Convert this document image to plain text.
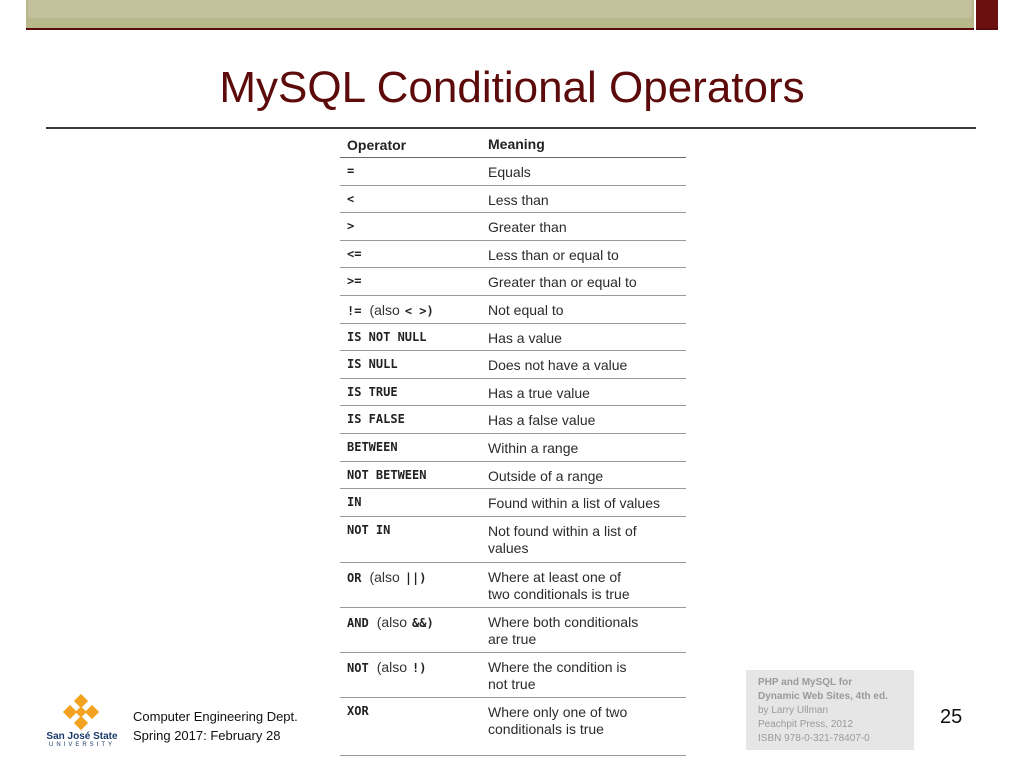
MySQL Conditional Operators
Operator	Meaning
=	Equals
<	Less than
>	Greater than
<=	Less than or equal to
>=	Greater than or equal to
!= (also < >)	Not equal to
IS NOT NULL	Has a value
IS NULL	Does not have a value
IS TRUE	Has a true value
IS FALSE	Has a false value
BETWEEN	Within a range
NOT BETWEEN	Outside of a range
IN	Found within a list of values
NOT IN	Not found within a list of values
OR (also ||)	Where at least one of two conditionals is true
AND (also &&)	Where both conditionals are true
NOT (also !)	Where the condition is not true
XOR	Where only one of two conditionals is true
San José State
UNIVERSITY
Computer Engineering Dept.
Spring 2017: February 28
PHP and MySQL for
Dynamic Web Sites, 4th ed.
by Larry Ullman
Peachpit Press, 2012
ISBN 978-0-321-78407-0
25
